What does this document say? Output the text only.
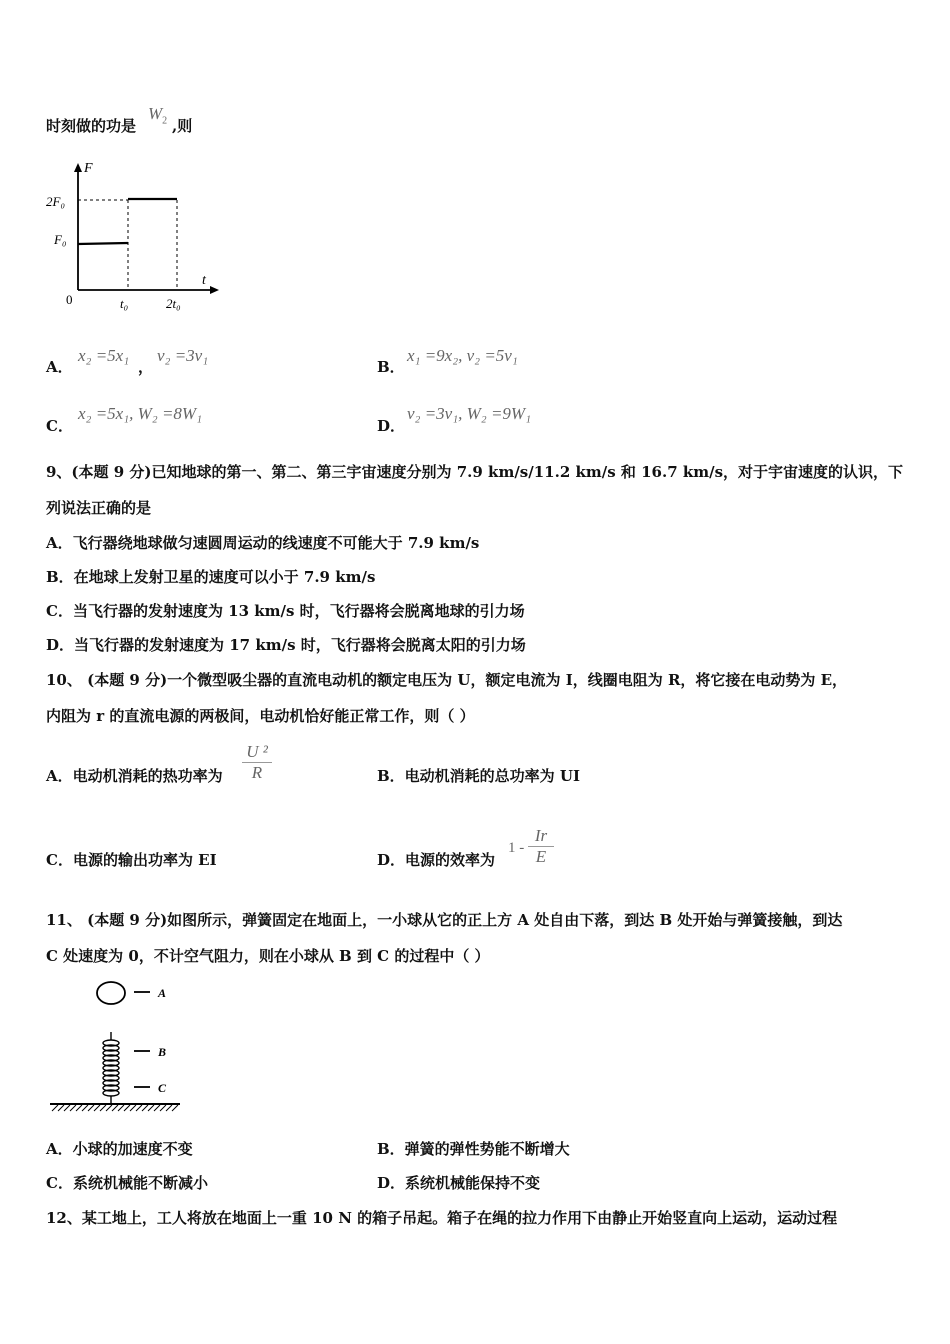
时刻做的功是
$W_2$ ,则
F
t
0
2F₀
F₀
t₀	2t₀
A．
x₂ =5x₁
，
v₂ =3v₁
B．
x₁ =9x₂, v₂ =5v₁
C．
x₂ =5x₁, W₂ =8W₁
D．
v₂ =3v₁, W₂ =9W₁
9、(本题 9 分)已知地球的第一、第二、第三宇宙速度分别为 7.9 km/s/11.2 km/s 和 16.7 km/s，对于宇宙速度的认识，下
列说法正确的是
A．飞行器绕地球做匀速圆周运动的线速度不可能大于 7.9 km/s
B．在地球上发射卫星的速度可以小于 7.9 km/s
C．当飞行器的发射速度为 13 km/s 时，飞行器将会脱离地球的引力场
D．当飞行器的发射速度为 17 km/s 时，飞行器将会脱离太阳的引力场
10、 (本题 9 分)一个微型吸尘器的直流电动机的额定电压为 U，额定电流为 I，线圈电阻为 R，将它接在电动势为 E，
内阻为 r 的直流电源的两极间，电动机恰好能正常工作，则（ ）
A．电动机消耗的热功率为
U ²
R	B．电动机消耗的总功率为 UI
C．电源的输出功率为 EI	D．电源的效率为
1 -
Ir
E
11、 (本题 9 分)如图所示，弹簧固定在地面上，一小球从它的正上方 A 处自由下落，到达 B 处开始与弹簧接触，到达
C 处速度为 0，不计空气阻力，则在小球从 B 到 C 的过程中（ ）
A
B
C
A．小球的加速度不变	B．弹簧的弹性势能不断增大
C．系统机械能不断减小	D．系统机械能保持不变
12、某工地上，工人将放在地面上一重 10 N 的箱子吊起。箱子在绳的拉力作用下由静止开始竖直向上运动，运动过程
